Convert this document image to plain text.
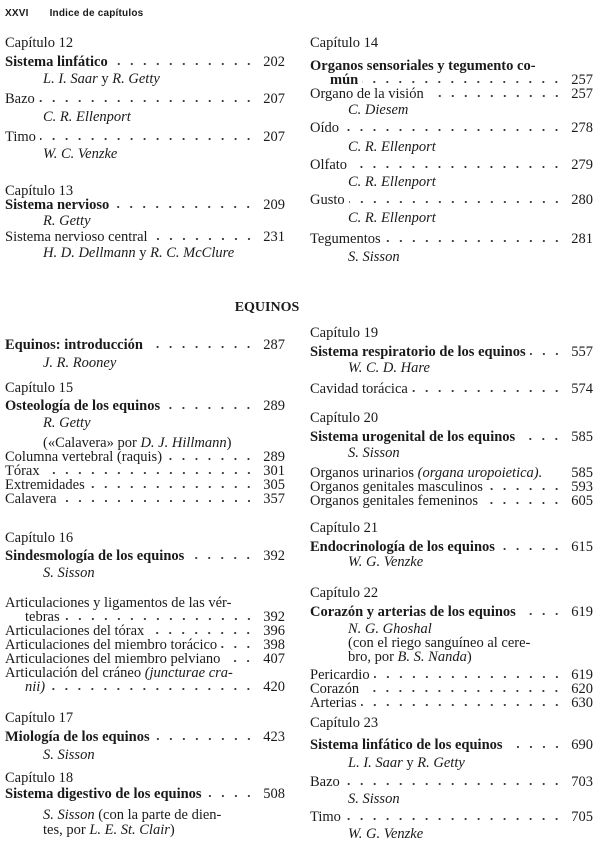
XXVI Indice de capítulos
EQUINOS
Capítulo 12
Sistema linfático	202
L. I. Saar y R. Getty
Bazo	207
C. R. Ellenport
Timo	207
W. C. Venzke
Capítulo 13
Sistema nervioso	209
R. Getty
Sistema nervioso central	231
H. D. Dellmann y R. C. McClure
Equinos: introducción	287
J. R. Rooney
Capítulo 15
Osteología de los equinos	289
R. Getty
(«Calavera» por D. J. Hillmann)
Columna vertebral (raquis)	289
Tórax	301
Extremidades	305
Calavera	357
Capítulo 16
Sindesmología de los equinos	392
S. Sisson
Articulaciones y ligamentos de las vér-
tebras	392
Articulaciones del tórax	396
Articulaciones del miembro torácico	398
Articulaciones del miembro pelviano	407
Articulación del cráneo (juncturae cra-
nii)	420
Capítulo 17
Miología de los equinos	423
S. Sisson
Capítulo 18
Sistema digestivo de los equinos	508
S. Sisson (con la parte de dien-
tes, por L. E. St. Clair)
Capítulo 14
Organos sensoriales y tegumento co-
mún	257
Organo de la visión	257
C. Diesem
Oído	278
C. R. Ellenport
Olfato	279
C. R. Ellenport
Gusto	280
C. R. Ellenport
Tegumentos	281
S. Sisson
Capítulo 19
Sistema respiratorio de los equinos	557
W. C. D. Hare
Cavidad torácica	574
Capítulo 20
Sistema urogenital de los equinos	585
S. Sisson
Organos urinarios (organa uropoietica). 585
Organos genitales masculinos	593
Organos genitales femeninos	605
Capítulo 21
Endocrinología de los equinos	615
W. G. Venzke
Capítulo 22
Corazón y arterias de los equinos	619
N. G. Ghoshal
(con el riego sanguíneo al cere-
bro, por B. S. Nanda)
Pericardio	619
Corazón	620
Arterias	630
Capítulo 23
Sistema linfático de los equinos	690
L. I. Saar y R. Getty
Bazo	703
S. Sisson
Timo	705
W. G. Venzke
